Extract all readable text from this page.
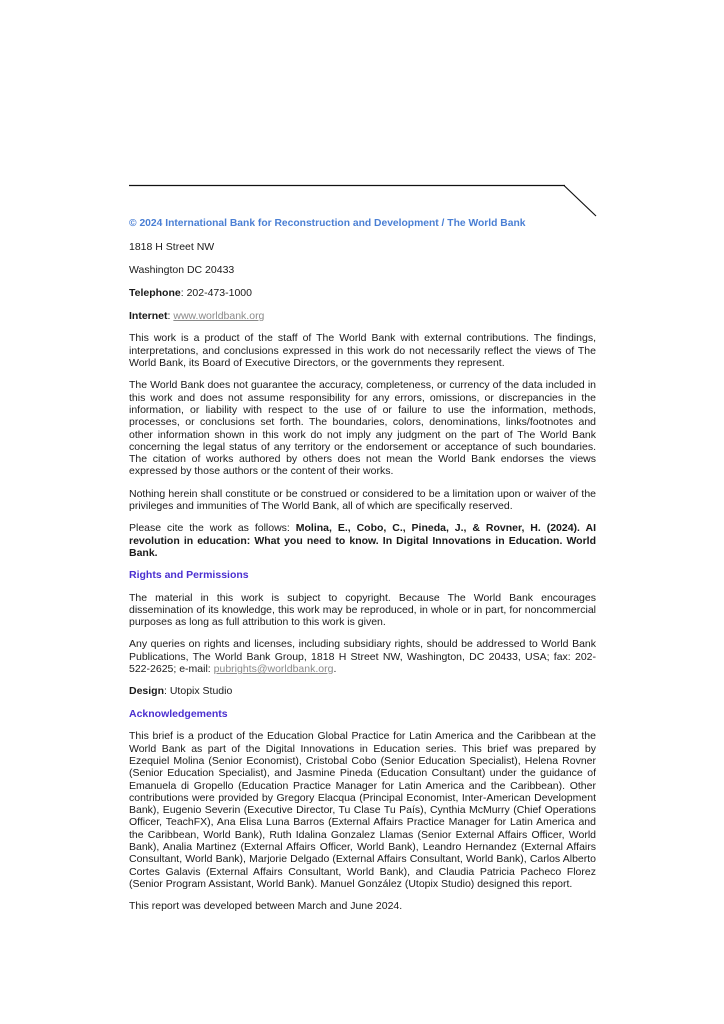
© 2024 International Bank for Reconstruction and Development / The World Bank

1818 H Street NW

Washington DC 20433

Telephone: 202-473-1000

Internet: www.worldbank.org

This work is a product of the staff of The World Bank with external contributions. The findings, interpretations, and conclusions expressed in this work do not necessarily reflect the views of The World Bank, its Board of Executive Directors, or the governments they represent.

The World Bank does not guarantee the accuracy, completeness, or currency of the data included in this work and does not assume responsibility for any errors, omissions, or discrepancies in the information, or liability with respect to the use of or failure to use the information, methods, processes, or conclusions set forth. The boundaries, colors, denominations, links/footnotes and other information shown in this work do not imply any judgment on the part of The World Bank concerning the legal status of any territory or the endorsement or acceptance of such boundaries. The citation of works authored by others does not mean the World Bank endorses the views expressed by those authors or the content of their works.

Nothing herein shall constitute or be construed or considered to be a limitation upon or waiver of the privileges and immunities of The World Bank, all of which are specifically reserved.

Please cite the work as follows: Molina, E., Cobo, C., Pineda, J., & Rovner, H. (2024). AI revolution in education: What you need to know. In Digital Innovations in Education. World Bank.

Rights and Permissions

The material in this work is subject to copyright. Because The World Bank encourages dissemination of its knowledge, this work may be reproduced, in whole or in part, for noncommercial purposes as long as full attribution to this work is given.

Any queries on rights and licenses, including subsidiary rights, should be addressed to World Bank Publications, The World Bank Group, 1818 H Street NW, Washington, DC 20433, USA; fax: 202-522-2625; e-mail: pubrights@worldbank.org.

Design: Utopix Studio

Acknowledgements

This brief is a product of the Education Global Practice for Latin America and the Caribbean at the World Bank as part of the Digital Innovations in Education series. This brief was prepared by Ezequiel Molina (Senior Economist), Cristobal Cobo (Senior Education Specialist), Helena Rovner (Senior Education Specialist), and Jasmine Pineda (Education Consultant) under the guidance of Emanuela di Gropello (Education Practice Manager for Latin America and the Caribbean). Other contributions were provided by Gregory Elacqua (Principal Economist, Inter-American Development Bank), Eugenio Severin (Executive Director, Tu Clase Tu País), Cynthia McMurry (Chief Operations Officer, TeachFX), Ana Elisa Luna Barros (External Affairs Practice Manager for Latin America and the Caribbean, World Bank), Ruth Idalina Gonzalez Llamas (Senior External Affairs Officer, World Bank), Analia Martinez (External Affairs Officer, World Bank), Leandro Hernandez (External Affairs Consultant, World Bank), Marjorie Delgado (External Affairs Consultant, World Bank), Carlos Alberto Cortes Galavis (External Affairs Consultant, World Bank), and Claudia Patricia Pacheco Florez (Senior Program Assistant, World Bank). Manuel González (Utopix Studio) designed this report.

This report was developed between March and June 2024.
